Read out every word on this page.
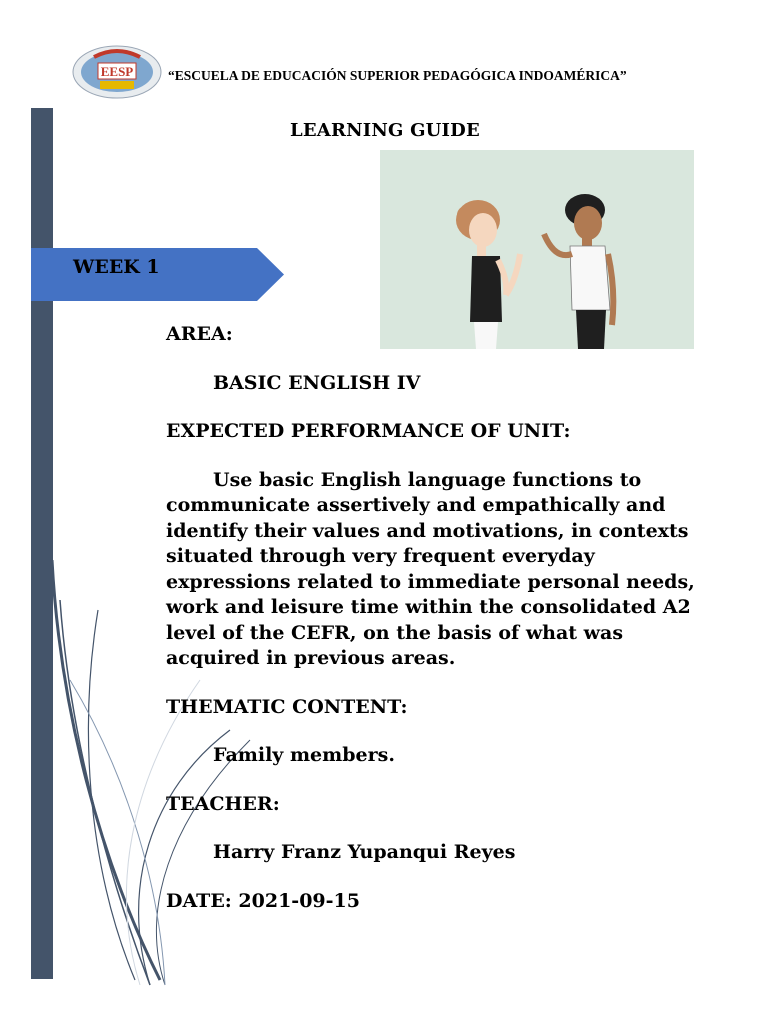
EESP	“ESCUELA DE EDUCACIÓN SUPERIOR PEDAGÓGICA INDOAMÉRICA”
LEARNING GUIDE
WEEK 1

AREA:

BASIC ENGLISH IV

EXPECTED PERFORMANCE OF UNIT:

Use basic English language functions to communicate assertively and empathically and identify their values and motivations, in contexts situated through very frequent everyday expressions related to immediate personal needs, work and leisure time within the consolidated A2 level of the CEFR, on the basis of what was acquired in previous areas.

THEMATIC CONTENT:

Family members.

TEACHER:

Harry Franz Yupanqui Reyes

DATE: 2021-09-15
